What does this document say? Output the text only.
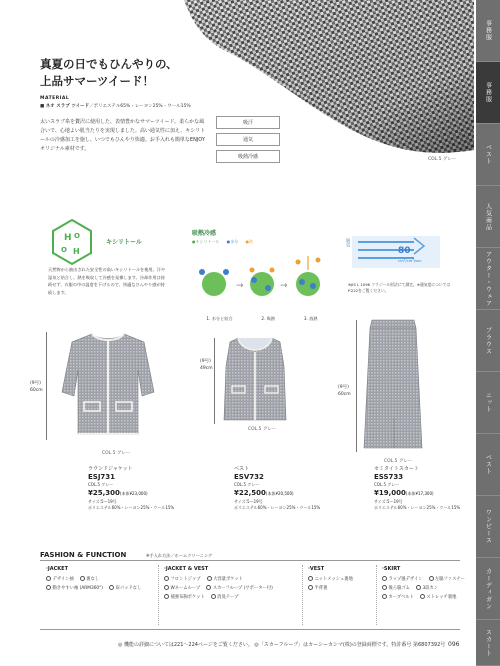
事務服
事務服
ベスト
人気商品
アウター・ウェア
ブラウス
ニット
ベスト
ワンピース
カーディガン
スカート
COL.5 グレー
真夏の日でもひんやりの、
上品サマーツイード！
MATERIAL
■ ネオ スラブ ツイード／ポリエステル65%・レーヨン25%・ウール15%
太いスラブ糸を贅沢に使用した、表情豊かなサマーツイード。柔らかな風合いで、心地よい肌当たりを実現しました。高い通気性に加え、キシリトールの冷感加工を施し、いつでもひんやり快適。お手入れも簡単なENJOYオリジナル素材です。
吸汗
通気
吸熱冷感
H O
O H
キシリトール
天然物から抽出された安全性の高いキシリトールを使用。汗や湿気と結合し、熱を吸収して冷感を発揮します。冷却作用は持続せず、衣服の中の温度を下げるので、快適なひんやり感が持続します。
吸熱冷感
●キシリトール ●水分 ●熱
→	→
1. 水分と結合	2. 吸熱	3. 放熱
通気
80
cm³/cm²/sec
※JIS L 1096 フラジール形法にて測定。※通気度についてはP.222をご覧ください。
(9号)
60cm
COL.5 グレー
(9号)
49cm
COL.5 グレー
(9号)
60cm
COL.5 グレー
ラウンドジャケット
ESJ731
COL.5 グレー
¥25,300(本体¥23,000)
サイズ:5〜19号
ポリエステル60%・レーヨン25%・ウール15%
ベスト
ESV732
COL.5 グレー
¥22,500(本体¥20,500)
サイズ:5〜19号
ポリエステル60%・レーヨン25%・ウール15%
セミタイトスカート
ESS733
COL.5 グレー
¥19,000(本体¥17,300)
サイズ:5〜19号
ポリエステル60%・レーヨン25%・ウール15%
FASHION & FUNCTION	※手入れ方法／ホームクリーニング
·JACKET
デザイン袖	裏なし
動きやすい袖 (ARM360°)	肩パッドなし
·JACKET & VEST
フロントジップ	大容量ポケット
Wネームループ	スカーフループ (サポーター付)
補強布胸ポケット	消臭テープ
·VEST
ニットメッシュ裏地
半背裏
·SKIRT
ラップ風デザイン	左脇ファスナー
後ろ脇ゴム	3段カン
カーブベルト	ストレッチ裏地
◎ 機能の詳細については221〜224ページをご覧ください。 ◎「スカーフループ」はカーシーカシマ(株)の登録商標です。特許番号 第6807392号 096
